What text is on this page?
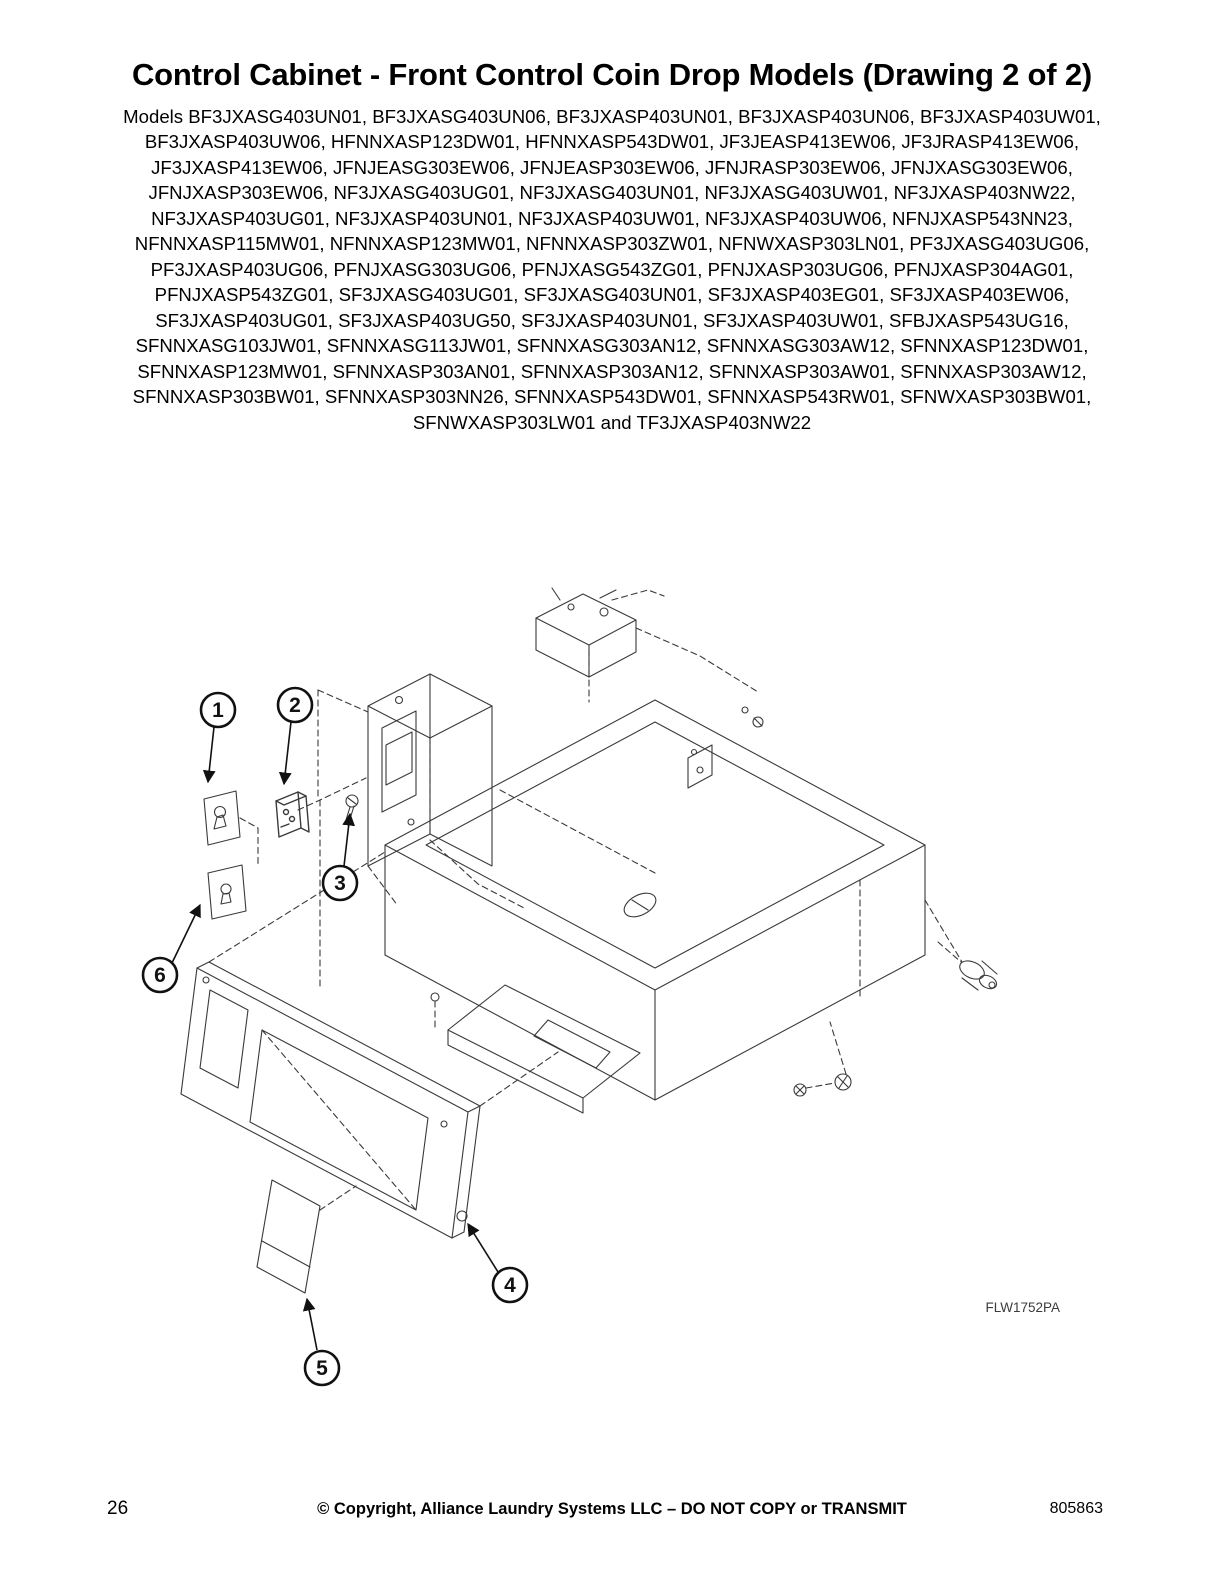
Control Cabinet - Front Control Coin Drop Models (Drawing 2 of 2)

Models BF3JXASG403UN01, BF3JXASG403UN06, BF3JXASP403UN01, BF3JXASP403UN06, BF3JXASP403UW01, BF3JXASP403UW06, HFNNXASP123DW01, HFNNXASP543DW01, JF3JEASP413EW06, JF3JRASP413EW06, JF3JXASP413EW06, JFNJEASG303EW06, JFNJEASP303EW06, JFNJRASP303EW06, JFNJXASG303EW06, JFNJXASP303EW06, NF3JXASG403UG01, NF3JXASG403UN01, NF3JXASG403UW01, NF3JXASP403NW22, NF3JXASP403UG01, NF3JXASP403UN01, NF3JXASP403UW01, NF3JXASP403UW06, NFNJXASP543NN23, NFNNXASP115MW01, NFNNXASP123MW01, NFNNXASP303ZW01, NFNWXASP303LN01, PF3JXASG403UG06, PF3JXASP403UG06, PFNJXASG303UG06, PFNJXASG543ZG01, PFNJXASP303UG06, PFNJXASP304AG01, PFNJXASP543ZG01, SF3JXASG403UG01, SF3JXASG403UN01, SF3JXASP403EG01, SF3JXASP403EW06, SF3JXASP403UG01, SF3JXASP403UG50, SF3JXASP403UN01, SF3JXASP403UW01, SFBJXASP543UG16, SFNNXASG103JW01, SFNNXASG113JW01, SFNNXASG303AN12, SFNNXASG303AW12, SFNNXASP123DW01, SFNNXASP123MW01, SFNNXASP303AN01, SFNNXASP303AN12, SFNNXASP303AW01, SFNNXASP303AW12, SFNNXASP303BW01, SFNNXASP303NN26, SFNNXASP543DW01, SFNNXASP543RW01, SFNWXASP303BW01, SFNWXASP303LW01 and TF3JXASP403NW22

1	2
3
4
5
6
FLW1752PA
26	© Copyright, Alliance Laundry Systems LLC – DO NOT COPY or TRANSMIT	805863
